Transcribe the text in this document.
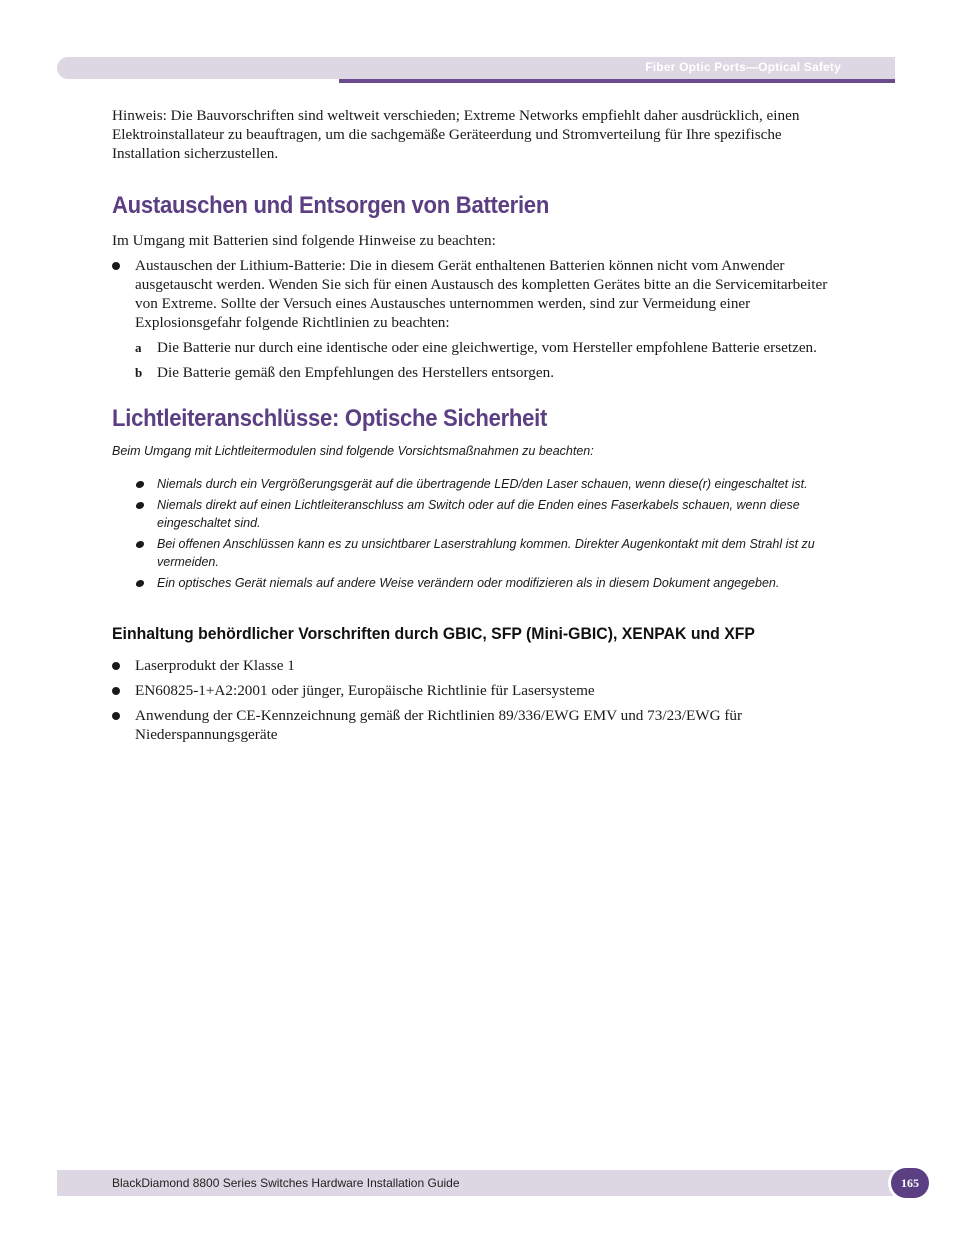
Fiber Optic Ports—Optical Safety

Hinweis: Die Bauvorschriften sind weltweit verschieden; Extreme Networks empfiehlt daher ausdrücklich, einen Elektroinstallateur zu beauftragen, um die sachgemäße Geräteerdung und Stromverteilung für Ihre spezifische Installation sicherzustellen.

Austauschen und Entsorgen von Batterien

Im Umgang mit Batterien sind folgende Hinweise zu beachten:

Austauschen der Lithium-Batterie: Die in diesem Gerät enthaltenen Batterien können nicht vom Anwender ausgetauscht werden. Wenden Sie sich für einen Austausch des kompletten Gerätes bitte an die Servicemitarbeiter von Extreme. Sollte der Versuch eines Austausches unternommen werden, sind zur Vermeidung einer Explosionsgefahr folgende Richtlinien zu beachten:
a Die Batterie nur durch eine identische oder eine gleichwertige, vom Hersteller empfohlene Batterie ersetzen.
b Die Batterie gemäß den Empfehlungen des Herstellers entsorgen.
Lichtleiteranschlüsse: Optische Sicherheit

Beim Umgang mit Lichtleitermodulen sind folgende Vorsichtsmaßnahmen zu beachten:

Niemals durch ein Vergrößerungsgerät auf die übertragende LED/den Laser schauen, wenn diese(r) eingeschaltet ist.
Niemals direkt auf einen Lichtleiteranschluss am Switch oder auf die Enden eines Faserkabels schauen, wenn diese eingeschaltet sind.
Bei offenen Anschlüssen kann es zu unsichtbarer Laserstrahlung kommen. Direkter Augenkontakt mit dem Strahl ist zu vermeiden.
Ein optisches Gerät niemals auf andere Weise verändern oder modifizieren als in diesem Dokument angegeben.
Einhaltung behördlicher Vorschriften durch GBIC, SFP (Mini-GBIC), XENPAK und XFP
Laserprodukt der Klasse 1
EN60825-1+A2:2001 oder jünger, Europäische Richtlinie für Lasersysteme
Anwendung der CE-Kennzeichnung gemäß der Richtlinien 89/336/EWG EMV und 73/23/EWG für Niederspannungsgeräte
BlackDiamond 8800 Series Switches Hardware Installation Guide	165
